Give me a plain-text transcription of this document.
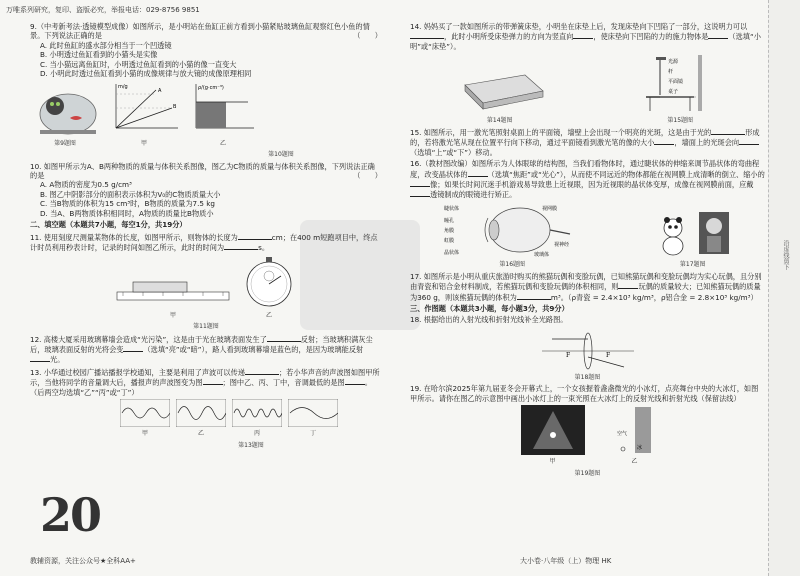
万唯系列研究，复印、盗版必究，举报电话：029-8756 9851
9.（中考新考法·透镜模型成像）如图所示，是小明站在鱼缸正前方看到小猫紧贴玻璃鱼缸观察红色小鱼的情景。下列说法正确的是	（　　）
A. 此时鱼缸的盛水部分相当于一个凹透镜
B. 小明透过鱼缸看到的小猫头是实像
C. 当小猫远离鱼缸时，小明透过鱼缸看到的小猫的像一直变大
D. 小明此时透过鱼缸看到小猫的成像规律与放大镜的成像原理相同
第9题图
m/g
A
B
甲
ρ/(g·cm⁻³)
乙
第10题图
10. 如图甲所示为A、B两种物质的质量与体积关系图像，图乙为C物质的质量与体积关系图像，下列说法正确的是	（　　）
A. A物质的密度为0.5 g/cm³
B. 图乙中阴影部分的面积表示体积为V₀的C物质质量大小
C. 当B物质的体积为15 cm³时，B物质的质量为7.5 kg
D. 当A、B两物质体积相同时，A物质的质量比B物质小
二、填空题（本题共7小题，每空1分，共19分）
11. 使用刻度尺测量某物体的长度，如图甲所示，则物体的长度为	cm；在400 m短跑项目中，终点计时员利用秒表计时，记录的时间如图乙所示，此时的时间为	s。
甲	乙
第11题图
12. 高楼大厦采用玻璃幕墙会造成“光污染”，这是由于光在玻璃表面发生了	反射；当玻璃积满灰尘后，玻璃表面反射的光将会变	（选填“亮”或“暗”），路人看到玻璃幕墙是蓝色的，是因为玻璃能反射光。
13. 小华通过校园广播站播报学校通知，主要是利用了声波可以传递	；若小华声音的声波图如图甲所示，当他将同学的音量调大后，播报声的声波图变为图	；图中乙、丙、丁中，音调最低的是图	。（后两空均选填“乙”“丙”或“丁”）
甲	乙	丙	丁
第13题图
20
14. 妈妈买了一款如图所示的带弹簧床垫，小明坐在床垫上后，发现床垫向下凹陷了一部分，这说明力可以，此时小明所受床垫弹力的方向为竖直向	，使床垫向下凹陷的力的施力物体是	（选填“小明”或“床垫”）。
第14题图
光源
杆
平面镜
桌子
第15题图
15. 如图所示，用一激光笔照射桌面上的平面镜，墙壁上会出现一个明亮的光斑，这是由于光的	形成的，若将激光笔从现在位置平行向下移动，通过平面镜看到激光笔的像的大小	，墙面上的光斑会向（选填“上”或“下”）移动。
16.（教材图改编）如图所示为人体眼球的结构图，当我们看物体时，通过睫状体的伸缩来调节晶状体的弯曲程度，改变晶状体的	（选填“焦距”或“光心”），从而使不同远近的物体都能在视网膜上成清晰的倒立、缩小的像；如果长时间沉迷手机游戏易导致患上近视眼，因为近视眼的晶状体变厚，成像在视网膜前面，应戴透镜制成的眼镜进行矫正。
睫状体	视网膜
瞳孔
角膜
虹膜
视神经
晶状体	玻璃体
第16题图	第17题图
17. 如图所示是小明从重庆旅游时购买的熊猫玩偶和变脸玩偶，已知熊猫玩偶和变脸玩偶均为实心玩偶，且分别由青瓷和铝合金材料制成，若熊猫玩偶和变脸玩偶的体积相同，则	玩偶的质量较大；已知熊猫玩偶的质量为360 g，则该熊猫玩偶的体积为	m³。（ρ青瓷 = 2.4×10³ kg/m³，ρ铝合金 = 2.8×10³ kg/m³）
三、作图题（本题共3小题，每小题3分，共9分）
18. 根据给出的入射光线和折射光线补全光路图。
F	F
第18题图
19. 在哈尔滨2025年第九届亚冬会开幕式上，一个女孩握着盏盏微光的小冰灯，点亮舞台中央的大冰灯，如图甲所示。请你在图乙的示意图中画出小冰灯上的一束光照在大冰灯上的反射光线和折射光线（保留法线）
甲
空气
冰
乙
第19题图
教辅资源，关注公众号★全科AA+	大小卷·八年级（上）物理 HK
沿虚线剪下
